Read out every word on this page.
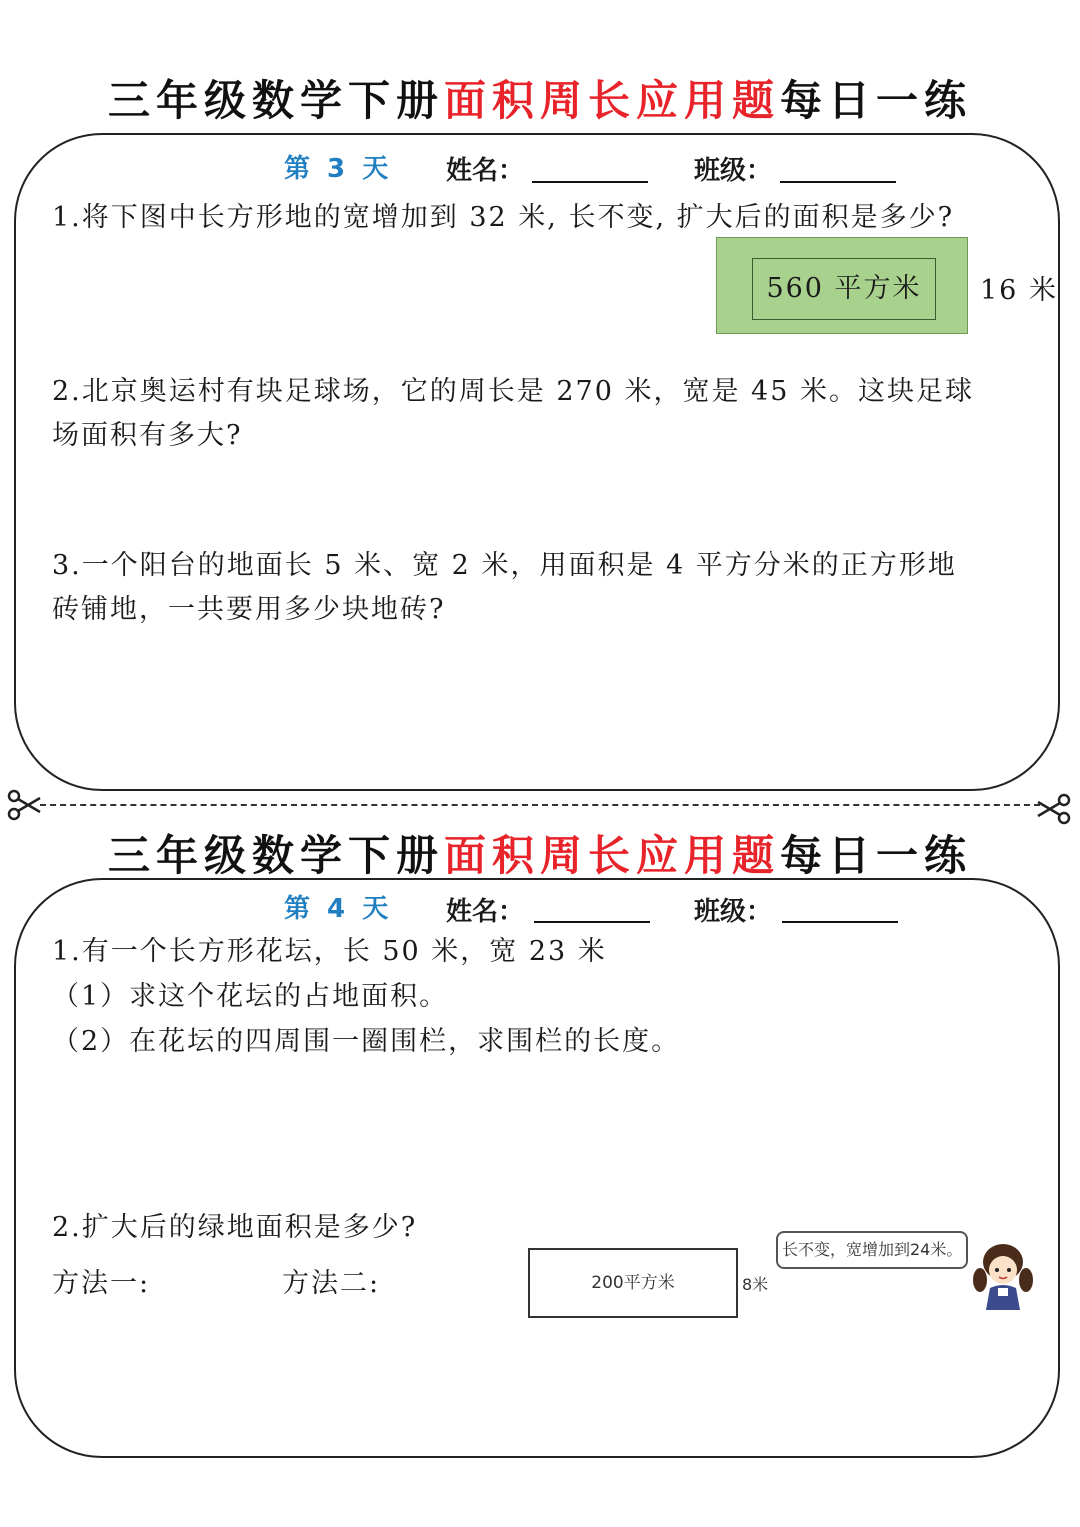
三年级数学下册面积周长应用题每日一练
第 3 天 姓名：	班级：
1.将下图中长方形地的宽增加到 32 米, 长不变, 扩大后的面积是多少?
560 平方米	16 米
2.北京奥运村有块足球场，它的周长是 270 米，宽是 45 米。这块足球
场面积有多大?
3.一个阳台的地面长 5 米、宽 2 米，用面积是 4 平方分米的正方形地
砖铺地，一共要用多少块地砖?
三年级数学下册面积周长应用题每日一练
第 4 天 姓名：	班级：
1.有一个长方形花坛，长 50 米，宽 23 米
（1）求这个花坛的占地面积。
（2）在花坛的四周围一圈围栏，求围栏的长度。
2.扩大后的绿地面积是多少?
方法一:	方法二:	200平方米	8米
长不变，宽增加到24米。
